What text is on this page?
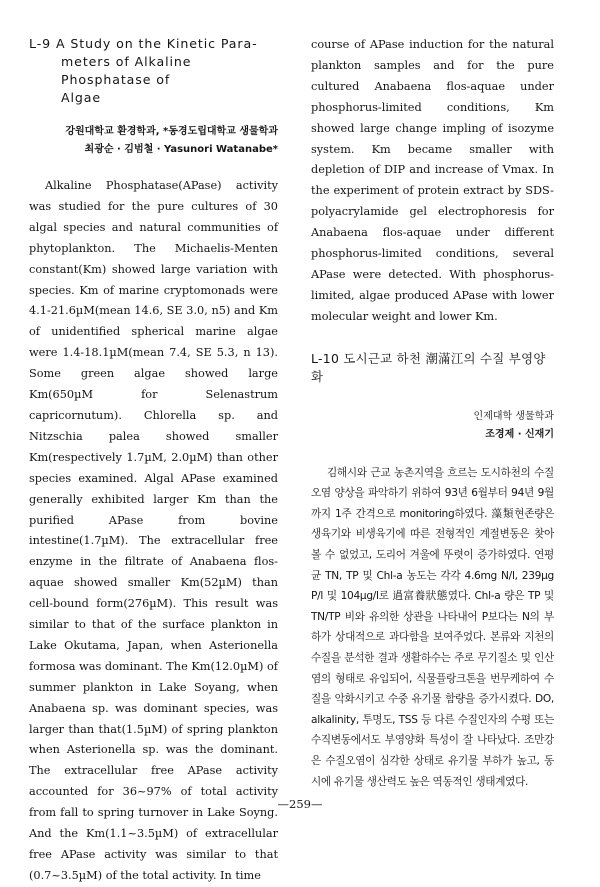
L-9 A Study on the Kinetic Para-
meters of Alkaline Phosphatase of
Algae
강원대학교 환경학과, *동경도립대학교 생물학과
최광순 · 김범철 · Yasunori Watanabe*

Alkaline Phosphatase(APase) activity was studied for the pure cultures of 30 algal species and natural communities of phytoplankton. The Michaelis-Menten constant(Km) showed large variation with species. Km of marine cryptomonads were 4.1-21.6µM(mean 14.6, SE 3.0, n5) and Km of unidentified spherical marine algae were 1.4-18.1µM(mean 7.4, SE 5.3, n 13). Some green algae showed large Km(650µM for Selenastrum capricornutum). Chlorella sp. and Nitzschia palea showed smaller Km(respectively 1.7µM, 2.0µM) than other species examined. Algal APase examined generally exhibited larger Km than the purified APase from bovine intestine(1.7µM). The extracellular free enzyme in the filtrate of Anabaena flos-aquae showed smaller Km(52µM) than cell-bound form(276µM). This result was similar to that of the surface plankton in Lake Okutama, Japan, when Asterionella formosa was dominant. The Km(12.0µM) of summer plankton in Lake Soyang, when Anabaena sp. was dominant species, was larger than that(1.5µM) of spring plankton when Asterionella sp. was the dominant. The extracellular free APase activity accounted for 36~97% of total activity from fall to spring turnover in Lake Soyng. And the Km(1.1~3.5µM) of extracellular free APase activity was similar to that (0.7~3.5µM) of the total activity. In time

course of APase induction for the natural plankton samples and for the pure cultured Anabaena flos-aquae under phosphorus-limited conditions, Km showed large change impling of isozyme system. Km became smaller with depletion of DIP and increase of Vmax. In the experiment of protein extract by SDS-polyacrylamide gel electrophoresis for Anabaena flos-aquae under different phosphorus-limited conditions, several APase were detected. With phosphorus-limited, algae produced APase with lower molecular weight and lower Km.

L-10 도시근교 하천 潮滿江의 수질 부영양화
인제대학 생물학과
조경제 · 신재기

김해시와 근교 농촌지역을 흐르는 도시하천의 수질 오염 양상을 파악하기 위하여 93년 6월부터 94년 9월까지 1주 간격으로 monitoring하였다. 藻類현존량은 생육기와 비생육기에 따른 전형적인 계절변동은 찾아볼 수 없었고, 도리어 겨울에 뚜렷이 증가하였다. 연평균 TN, TP 및 Chl-a 농도는 각각 4.6mg N/l, 239µg P/l 및 104µg/l로 過富養狀態였다. Chl-a 량은 TP 및 TN/TP 비와 유의한 상관을 나타내어 P보다는 N의 부하가 상대적으로 과다함을 보여주었다. 본류와 지천의 수질을 분석한 결과 생활하수는 주로 무기질소 및 인산염의 형태로 유입되어, 식물플랑크톤을 번무케하여 수질을 악화시키고 수중 유기물 함량을 증가시켰다. DO, alkalinity, 투명도, TSS 등 다른 수질인자의 수평 또는 수직변동에서도 부영양화 특성이 잘 나타났다. 조만강은 수질오염이 심각한 상태로 유기물 부하가 높고, 동시에 유기물 생산력도 높은 역동적인 생태계였다.

—259—
